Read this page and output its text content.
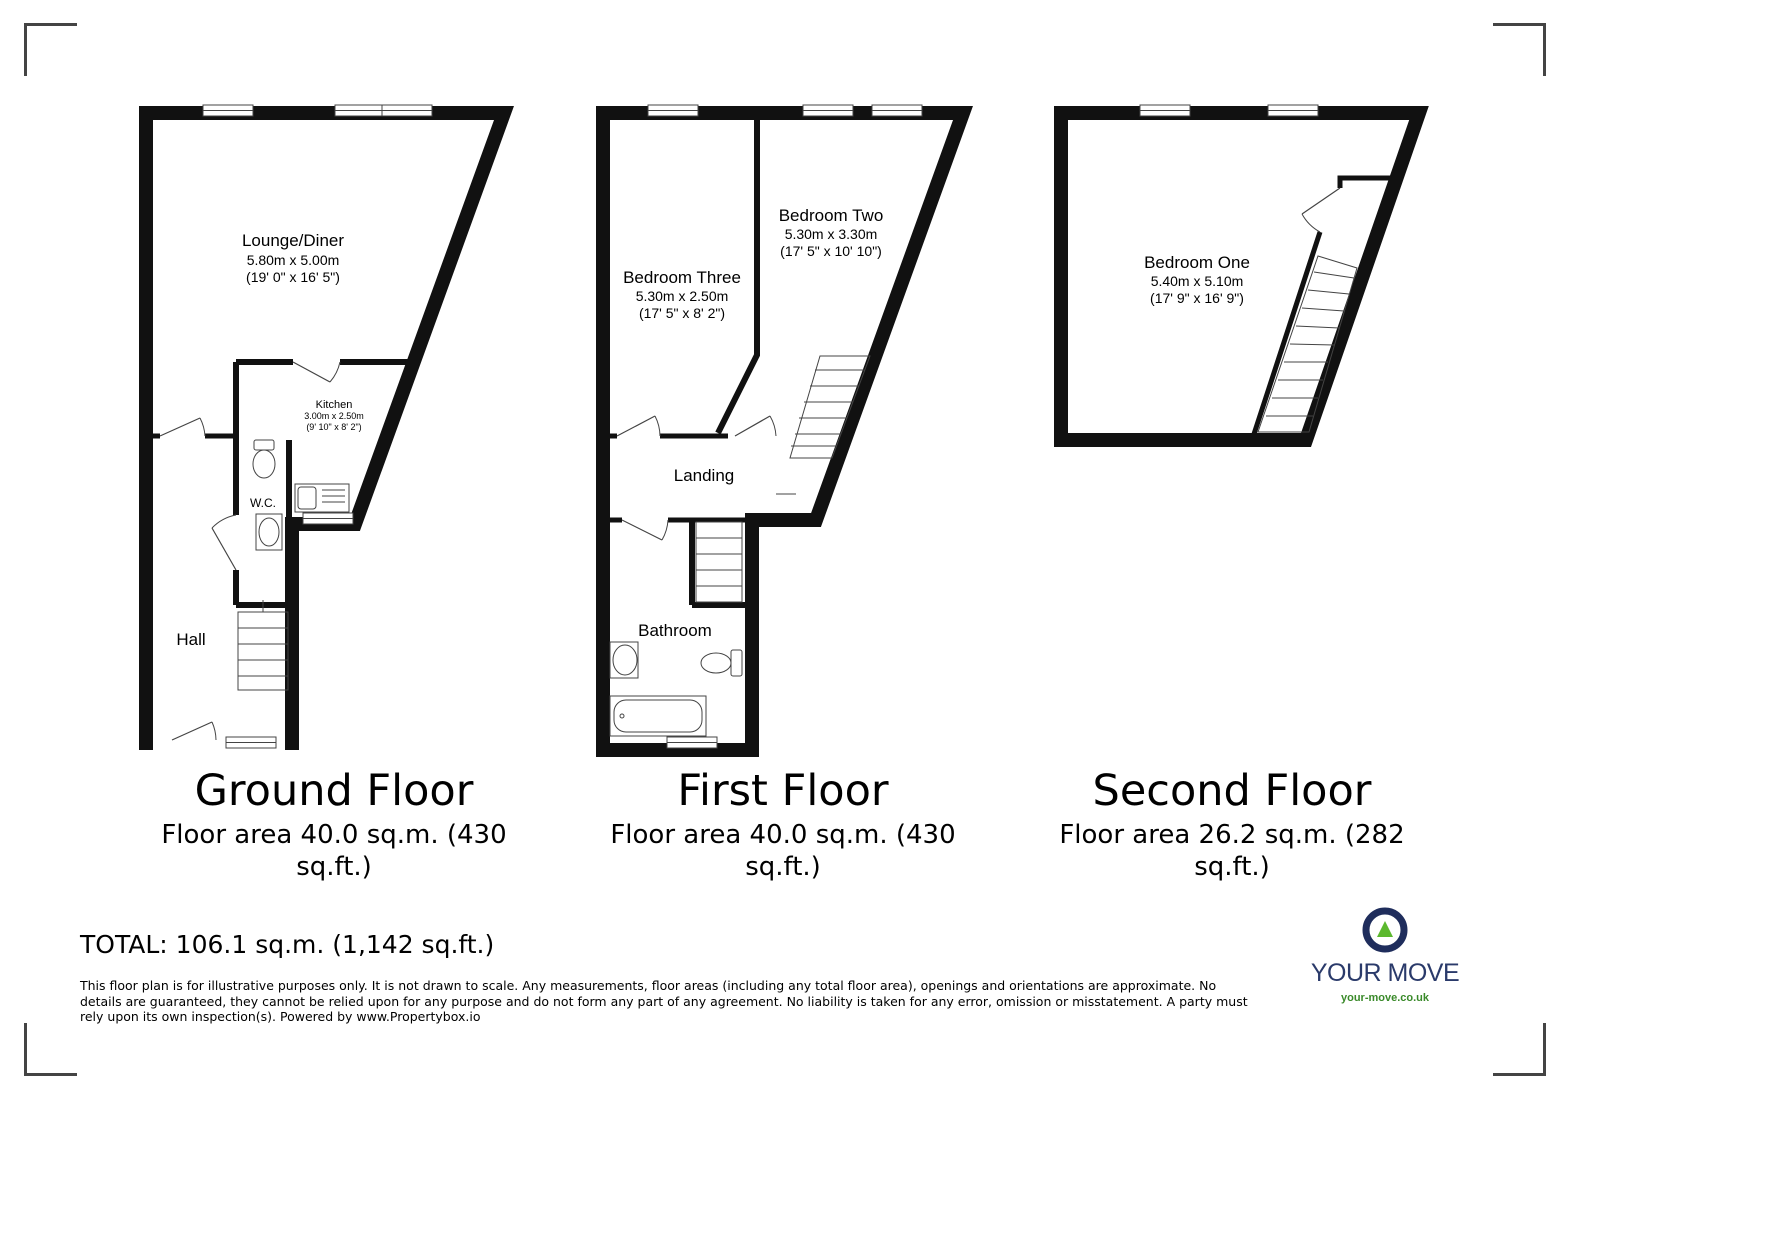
Lounge/Diner
5.80m x 5.00m
(19' 0" x 16' 5")
Kitchen
3.00m x 2.50m
(9' 10" x 8' 2")
W.C.
Hall
Bedroom Three
5.30m x 2.50m
(17' 5" x 8' 2")
Bedroom Two
5.30m x 3.30m
(17' 5" x 10' 10")
Landing
Bathroom
Bedroom One
5.40m x 5.10m
(17' 9" x 16' 9")
Ground Floor	First Floor	Second Floor
Floor area 40.0 sq.m. (430 sq.ft.)
Floor area 40.0 sq.m. (430 sq.ft.)
Floor area 26.2 sq.m. (282 sq.ft.)
TOTAL: 106.1 sq.m. (1,142 sq.ft.)
This floor plan is for illustrative purposes only. It is not drawn to scale. Any measurements, floor areas (including any total floor area), openings and orientations are approximate. No details are guaranteed, they cannot be relied upon for any purpose and do not form any part of any agreement. No liability is taken for any error, omission or misstatement. A party must rely upon its own inspection(s). Powered by www.Propertybox.io
YOUR MOVE
your-move.co.uk
